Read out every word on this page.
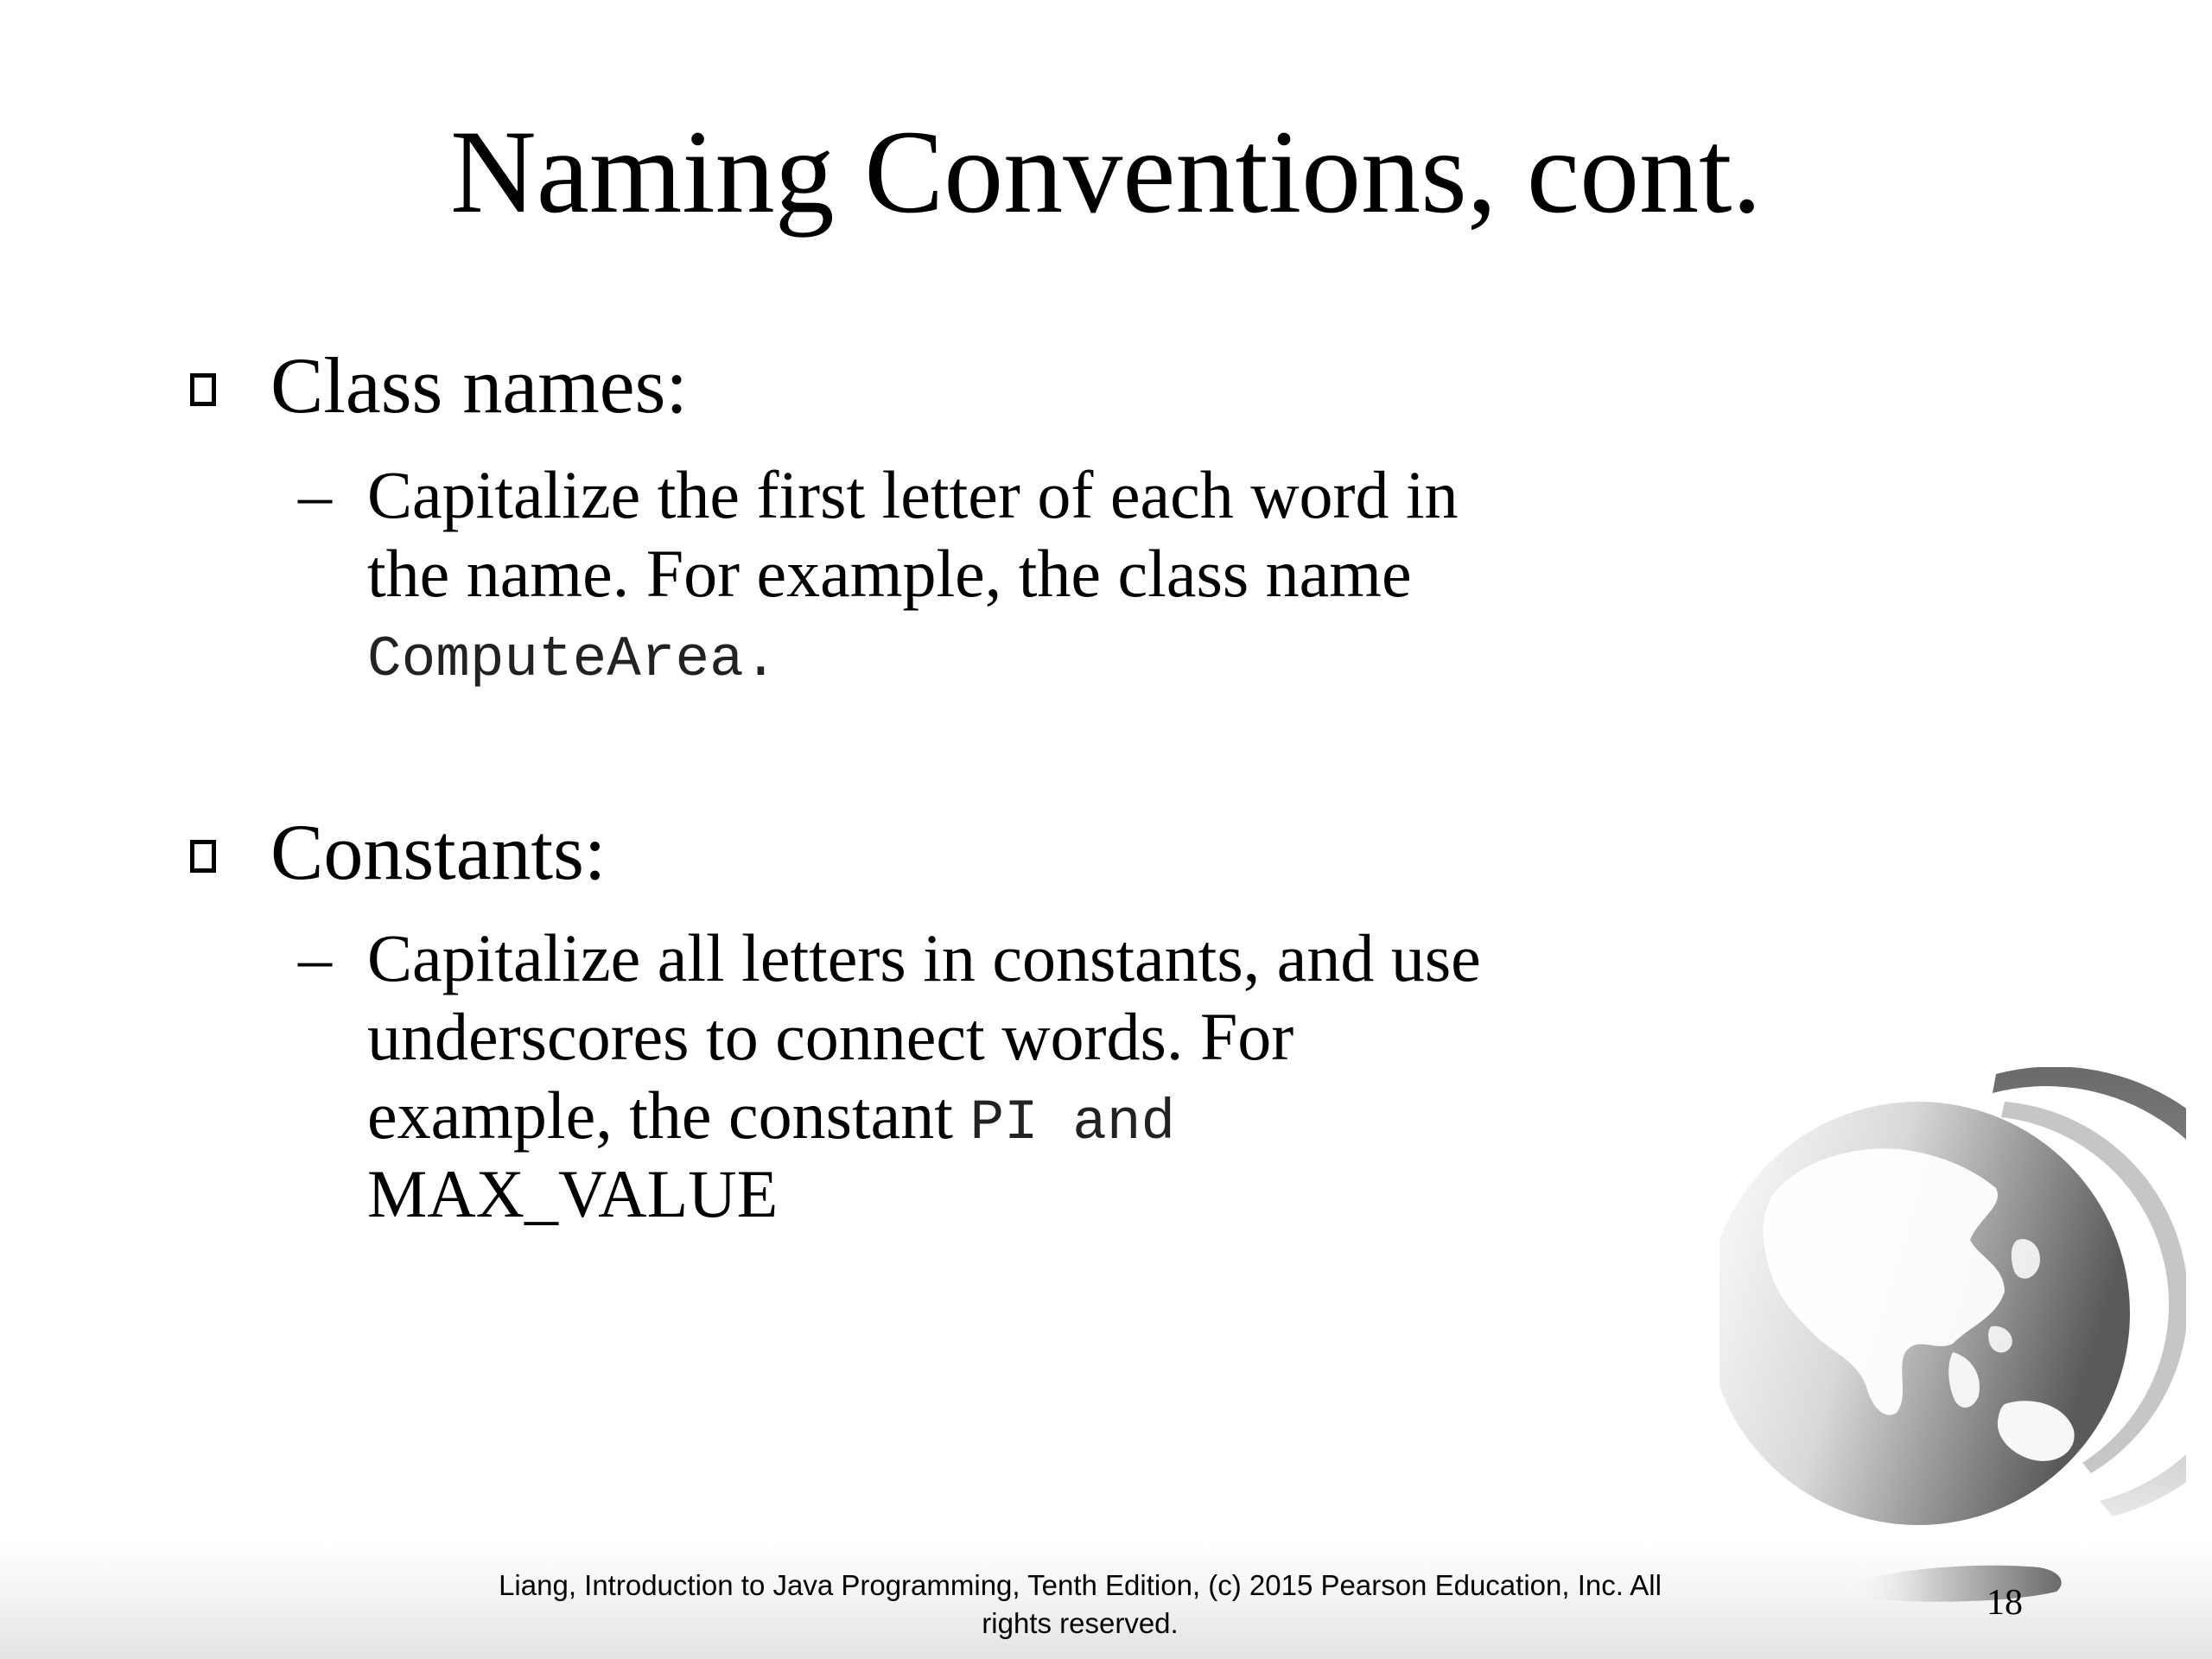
Naming Conventions, cont.
Class names:
– Capitalize the first letter of each word in
the name. For example, the class name
ComputeArea.
Constants:
– Capitalize all letters in constants, and use
underscores to connect words. For
example, the constant PI and
MAX_VALUE
Liang, Introduction to Java Programming, Tenth Edition, (c) 2015 Pearson Education, Inc. All
rights reserved.
18
